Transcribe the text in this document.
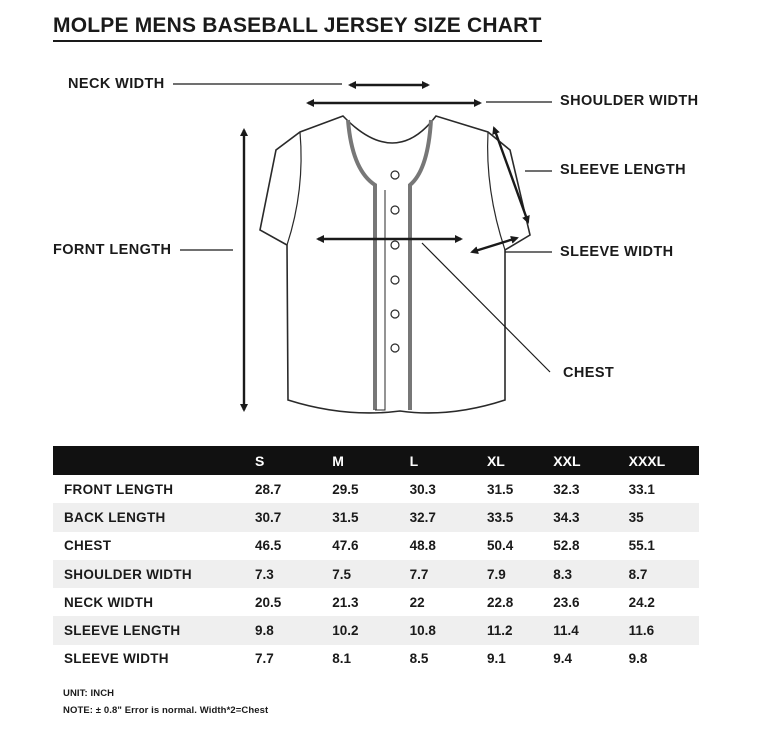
MOLPE MENS BASEBALL JERSEY SIZE CHART
NECK WIDTH
SHOULDER WIDTH
SLEEVE LENGTH
FORNT LENGTH	SLEEVE WIDTH
CHEST
	S	M	L	XL	XXL	XXXL
FRONT LENGTH	28.7	29.5	30.3	31.5	32.3	33.1
BACK LENGTH	30.7	31.5	32.7	33.5	34.3	35
CHEST	46.5	47.6	48.8	50.4	52.8	55.1
SHOULDER WIDTH	7.3	7.5	7.7	7.9	8.3	8.7
NECK WIDTH	20.5	21.3	22	22.8	23.6	24.2
SLEEVE LENGTH	9.8	10.2	10.8	11.2	11.4	11.6
SLEEVE WIDTH	7.7	8.1	8.5	9.1	9.4	9.8
UNIT: INCH
NOTE: ± 0.8" Error is normal. Width*2=Chest
